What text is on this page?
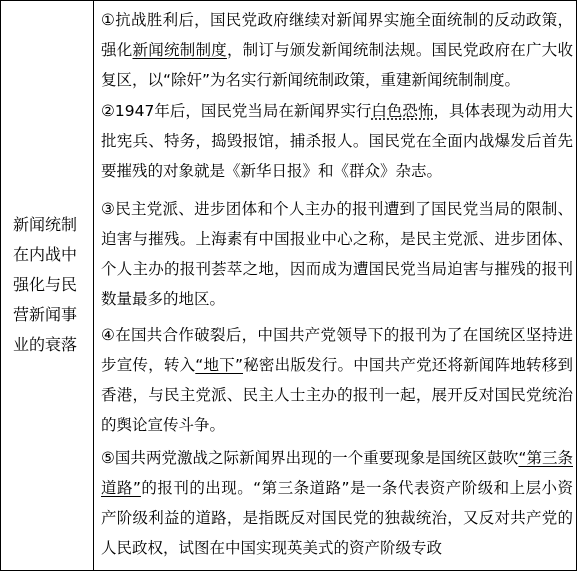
新闻统制在内战中强化与民营新闻事业的衰落
①抗战胜利后，国民党政府继续对新闻界实施全面统制的反动政策，强化新闻统制制度，制订与颁发新闻统制法规。国民党政府在广大收复区，以“除奸”为名实行新闻统制政策，重建新闻统制制度。
②1947年后，国民党当局在新闻界实行白色恐怖，具体表现为动用大批宪兵、特务，捣毁报馆，捕杀报人。国民党在全面内战爆发后首先要摧残的对象就是《新华日报》和《群众》杂志。
③民主党派、进步团体和个人主办的报刊遭到了国民党当局的限制、迫害与摧残。上海素有中国报业中心之称，是民主党派、进步团体、个人主办的报刊荟萃之地，因而成为遭国民党当局迫害与摧残的报刊数量最多的地区。
④在国共合作破裂后，中国共产党领导下的报刊为了在国统区坚持进步宣传，转入“地下”秘密出版发行。中国共产党还将新闻阵地转移到香港，与民主党派、民主人士主办的报刊一起，展开反对国民党统治的舆论宣传斗争。
⑤国共两党激战之际新闻界出现的一个重要现象是国统区鼓吹“第三条道路”的报刊的出现。“第三条道路”是一条代表资产阶级和上层小资产阶级利益的道路，是指既反对国民党的独裁统治，又反对共产党的人民政权，试图在中国实现英美式的资产阶级专政
